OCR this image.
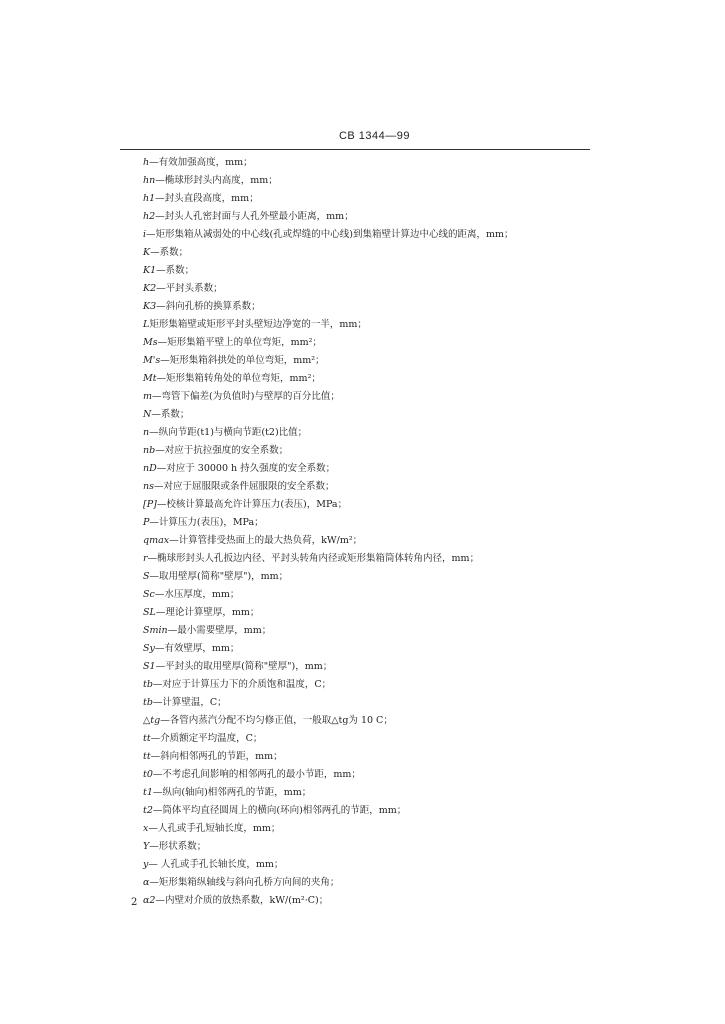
CB 1344—99
h—有效加强高度，mm；
hn—椭球形封头内高度，mm；
h1—封头直段高度，mm；
h2—封头人孔密封面与人孔外壁最小距离，mm；
i—矩形集箱从减弱处的中心线(孔或焊缝的中心线)到集箱壁计算边中心线的距离，mm；
K—系数；
K1—系数；
K2—平封头系数；
K3—斜向孔桥的换算系数；
L矩形集箱壁或矩形平封头壁短边净宽的一半，mm；
Ms—矩形集箱平壁上的单位弯矩，mm²；
M's—矩形集箱斜拱处的单位弯矩，mm²；
Mt—矩形集箱转角处的单位弯矩，mm²；
m—弯管下偏差(为负值时)与壁厚的百分比值；
N—系数；
n—纵向节距(t1)与横向节距(t2)比值；
nb—对应于抗拉强度的安全系数；
nD—对应于 30000 h 持久强度的安全系数；
ns—对应于屈服限或条件屈服限的安全系数；
[P]—校核计算最高允许计算压力(表压)，MPa；
P—计算压力(表压)，MPa；
qmax—计算管排受热面上的最大热负荷，kW/m²；
r—椭球形封头人孔扳边内径、平封头转角内径或矩形集箱筒体转角内径，mm；
S—取用壁厚(简称"壁厚")，mm；
Sc—水压厚度，mm；
SL—理论计算壁厚，mm；
Smin—最小需要壁厚，mm；
Sy—有效壁厚，mm；
S1—平封头的取用壁厚(简称"壁厚")，mm；
tb—对应于计算压力下的介质饱和温度，C；
tb—计算壁温，C；
△tg—各管内蒸汽分配不均匀修正值，一般取△tg为 10 C；
tt—介质额定平均温度，C；
tt—斜向相邻两孔的节距，mm；
t0—不考虑孔间影响的相邻两孔的最小节距，mm；
t1—纵向(轴向)相邻两孔的节距，mm；
t2—筒体平均直径圆周上的横向(环向)相邻两孔的节距，mm；
x—人孔或手孔短轴长度，mm；
Y—形状系数；
y— 人孔或手孔长轴长度，mm；
α—矩形集箱纵轴线与斜向孔桥方向间的夹角；
α2—内壁对介质的放热系数，kW/(m²·C)；
2
